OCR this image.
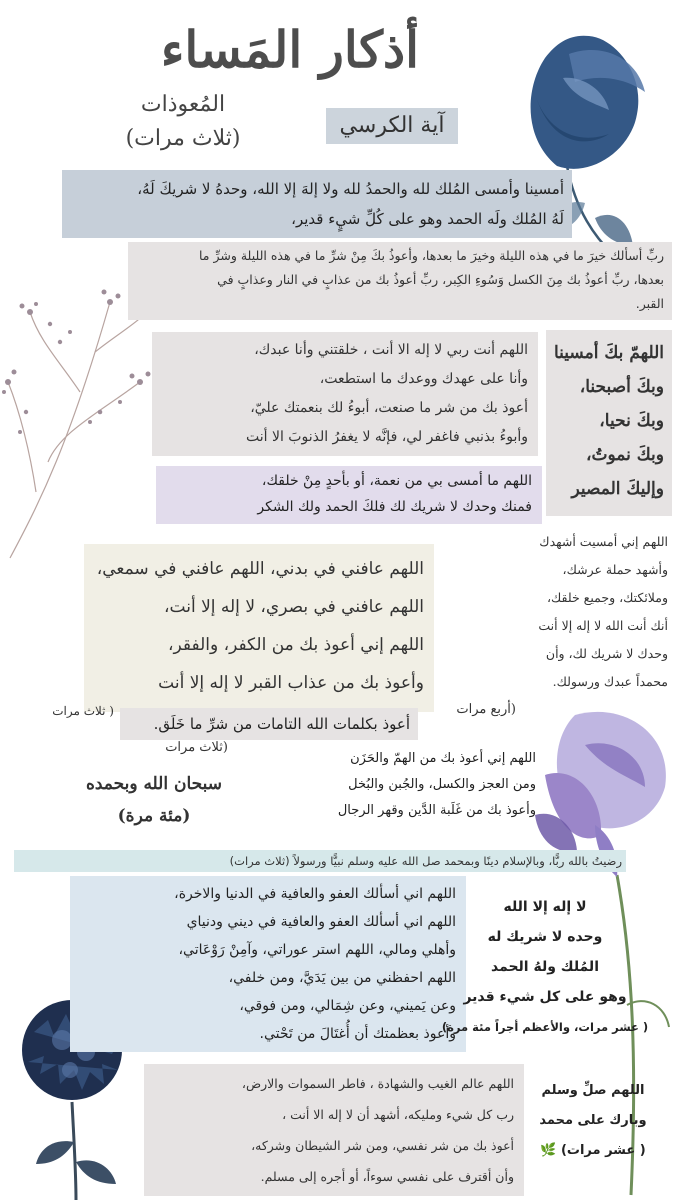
أذكار المَساء
آية الكرسي
المُعوذات
(ثلاث مرات)
أمسينا وأمسى المُلك لله والحمدُ لله ولا إلهَ إلا الله، وحدهُ لا شريكَ لَهُ،
لَهُ المُلك ولَه الحمد وهو على كُلِّ شيٍء قدير،
ربِّ أسألك خيرَ ما في هذه الليلة وخيرَ ما بعدها، وأعوذُ بكَ مِنْ شرِّ ما في هذه الليلة وشرِّ ما
بعدها، ربِّ أعوذُ بك مِنَ الكسل وَسُوءِ الكِبر، ربِّ أعوذُ بك من عذابٍ في النار وعذابٍ في
القبر.
اللهم أنت ربي لا إله الا أنت ، خلقتني وأنا عبدك،
وأنا على عهدك ووعدك ما استطعت،
أعوذ بك من شر ما صنعت، أبوءُ لك بنعمتك عليّ،
وأبوءُ بذنبي فاغفر لي، فإنَّه لا يغفرُ الذنوبَ الا أنت
اللهمّ بكَ أمسينا
وبكَ أصبحنا،
وبكَ نحيا،
وبكَ نموتُ،
وإليكَ المصير
اللهم ما أمسى بي من نعمة، أو بأحدٍ مِنْ خلقك،
فمنك وحدك لا شريك لك فلكَ الحمد ولك الشكر
اللهم عافني في بدني، اللهم عافني في سمعي،
اللهم عافني في بصري، لا إله إلا أنت،
اللهم إني أعوذ بك من الكفر، والفقر،
وأعوذ بك من عذاب القبر لا إله إلا أنت
( ثلاث مرات
اللهم إني أمسيت أشهدك
وأشهد حملة عرشك،
وملائكتك، وجميع خلقك،
أنك أنت الله لا إله إلا أنت
وحدك لا شريك لك، وأن
محمداً عبدك ورسولك.
(أربع مرات
أعوذ بكلمات الله التامات من شرِّ ما خَلَق.
(ثلاث مرات
سبحان الله وبحمده
(مئة مرة)
اللهم إني أعوذ بك من الهمّ والحَزَن
ومن العجز والكسل، والجُبن والبُخل
وأعوذ بك من غَلَبة الدَّين وقهر الرجال
رضيتُ بالله ربًّا، وبالإسلام دينًا وبمحمد صل الله عليه وسلم نبيًّا ورسولاً (ثلاث مرات)
اللهم اني أسألك العفو والعافية في الدنيا والاخرة،
اللهم اني أسألك العفو والعافية في ديني ودنياي
وأهلي ومالي، اللهم استر عوراتي، وآمِنْ رَوْعَاتي،
اللهم احفظني من بين يَدَيَّ، ومن خلفي،
وعن يَميني، وعن شِمَالي، ومن فوقي،
وأعوذ بعظمتك أن أُغتَالَ من تَحْتي.
لا إله إلا الله
وحده لا شريك له
المُلك ولهُ الحمد
وهو على كل شيء قدير
( عشر مرات، والأعظم أجراً مئة مرة)
اللهم عالم الغيب والشهادة ، فاطر السموات والارض،
رب كل شيء ومليكه، أشهد أن لا إله الا أنت ،
أعوذ بك من شر نفسي، ومن شر الشيطان وشركه،
وأن أقترف على نفسي سوءاً، أو أجره إلى مسلم.
اللهم صلِّ وسلم
وبارك على محمد
( عشر مرات) 🌿
